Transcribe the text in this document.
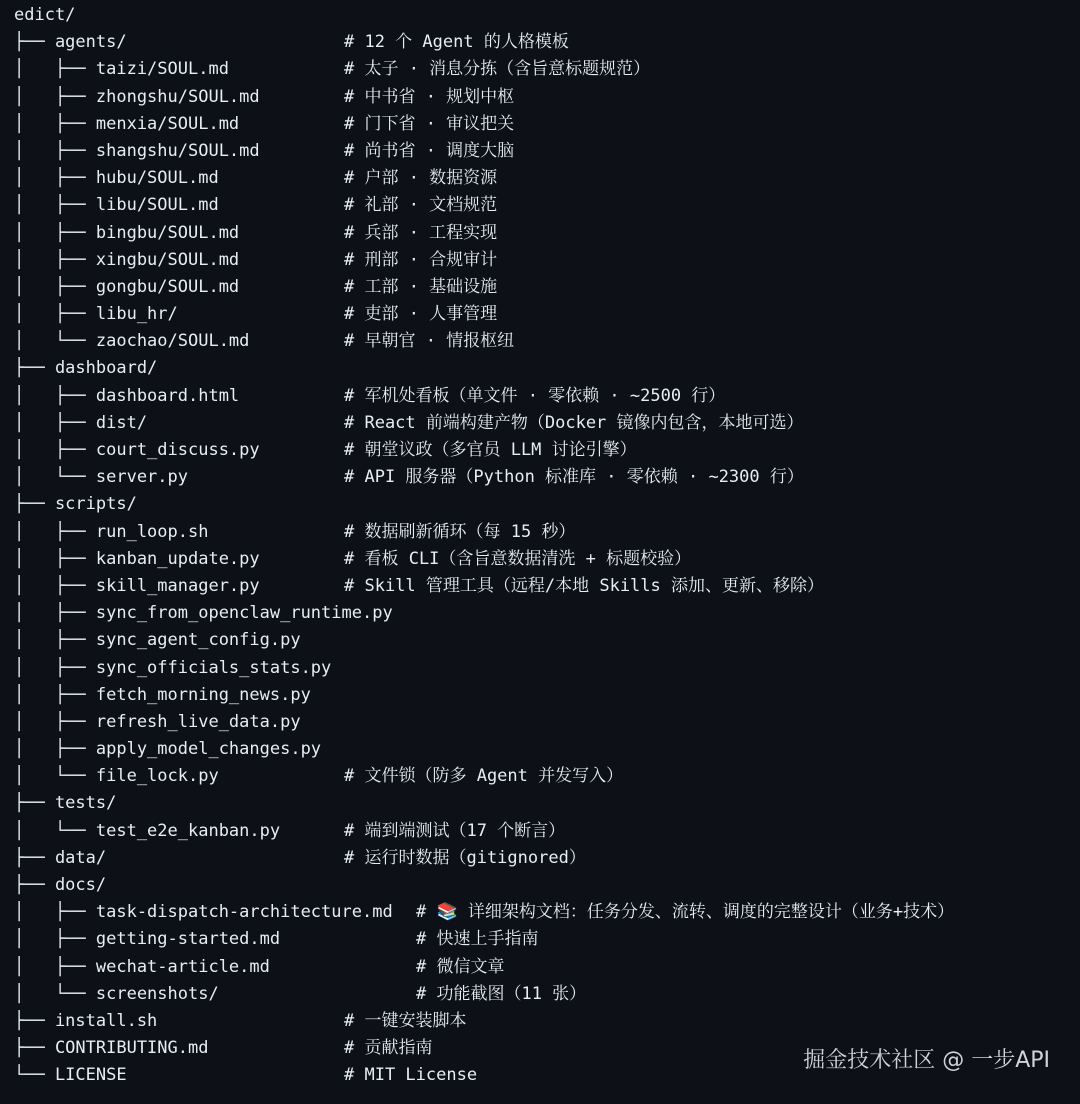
edict/
├── agents/	# 12 个 Agent 的人格模板
│   ├── taizi/SOUL.md	# 太子 · 消息分拣（含旨意标题规范）
│   ├── zhongshu/SOUL.md	# 中书省 · 规划中枢
│   ├── menxia/SOUL.md	# 门下省 · 审议把关
│   ├── shangshu/SOUL.md	# 尚书省 · 调度大脑
│   ├── hubu/SOUL.md	# 户部 · 数据资源
│   ├── libu/SOUL.md	# 礼部 · 文档规范
│   ├── bingbu/SOUL.md	# 兵部 · 工程实现
│   ├── xingbu/SOUL.md	# 刑部 · 合规审计
│   ├── gongbu/SOUL.md	# 工部 · 基础设施
│   ├── libu_hr/	# 吏部 · 人事管理
│   └── zaochao/SOUL.md	# 早朝官 · 情报枢纽
├── dashboard/
│   ├── dashboard.html	# 军机处看板（单文件 · 零依赖 · ~2500 行）
│   ├── dist/	# React 前端构建产物（Docker 镜像内包含，本地可选）
│   ├── court_discuss.py	# 朝堂议政（多官员 LLM 讨论引擎）
│   └── server.py	# API 服务器（Python 标准库 · 零依赖 · ~2300 行）
├── scripts/
│   ├── run_loop.sh	# 数据刷新循环（每 15 秒）
│   ├── kanban_update.py	# 看板 CLI（含旨意数据清洗 + 标题校验）
│   ├── skill_manager.py	# Skill 管理工具（远程/本地 Skills 添加、更新、移除）
│   ├── sync_from_openclaw_runtime.py
│   ├── sync_agent_config.py
│   ├── sync_officials_stats.py
│   ├── fetch_morning_news.py
│   ├── refresh_live_data.py
│   ├── apply_model_changes.py
│   └── file_lock.py	# 文件锁（防多 Agent 并发写入）
├── tests/
│   └── test_e2e_kanban.py	# 端到端测试（17 个断言）
├── data/	# 运行时数据（gitignored）
├── docs/
│   ├── task-dispatch-architecture.md # 📚 详细架构文档：任务分发、流转、调度的完整设计（业务+技术）
│   ├── getting-started.md	# 快速上手指南
│   ├── wechat-article.md	# 微信文章
│   └── screenshots/	# 功能截图（11 张）
├── install.sh	# 一键安装脚本
├── CONTRIBUTING.md	# 贡献指南
└── LICENSE	# MIT License
掘金技术社区 @ 一步API
